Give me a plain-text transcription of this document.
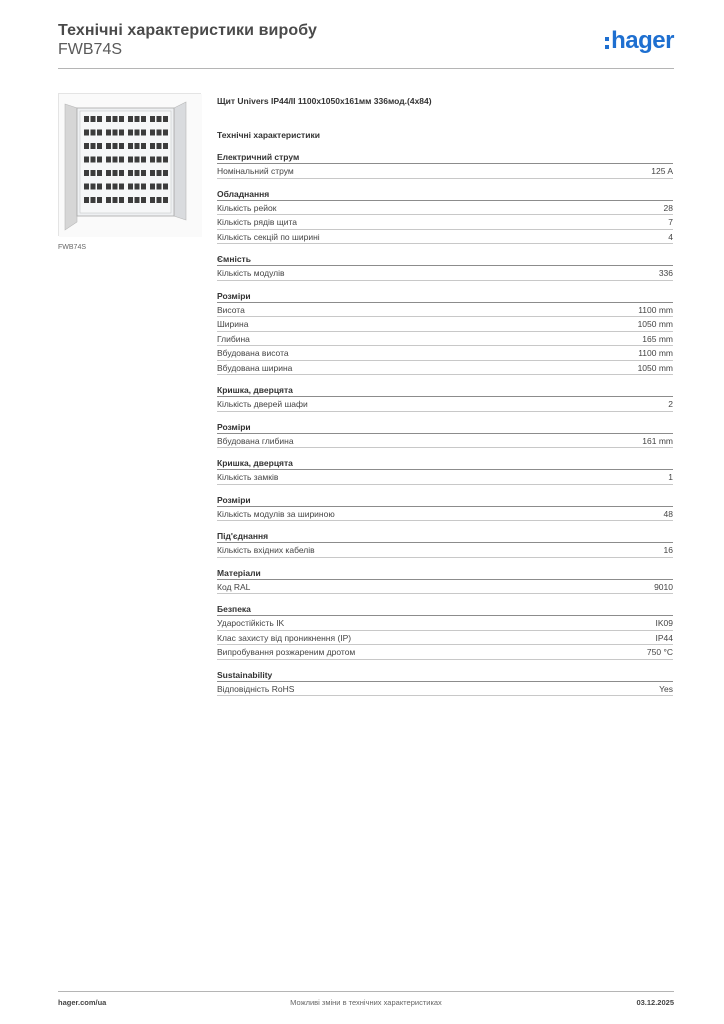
Технічні характеристики виробу
FWB74S	hager
FWB74S
Щит Univers IP44/II 1100x1050x161мм 336мод.(4x84)
Технічні характеристики
Електричний струм
Номінальний струм	125 A
Обладнання
Кількість рейок	28
Кількість рядів щита	7
Кількість секцій по ширині	4
Ємність
Кількість модулів	336
Розміри
Висота	1100 mm
Ширина	1050 mm
Глибина	165 mm
Вбудована висота	1100 mm
Вбудована ширина	1050 mm
Кришка, дверцята
Кількість дверей шафи	2
Розміри
Вбудована глибина	161 mm
Кришка, дверцята
Кількість замків	1
Розміри
Кількість модулів за шириною	48
Під'єднання
Кількість вхідних кабелів	16
Матеріали
Код RAL	9010
Безпека
Ударостійкість IK	IK09
Клас захисту від проникнення (IP)	IP44
Випробування розжареним дротом	750 °C
Sustainability
Відповідність RoHS	Yes
hager.com/ua	Можливі зміни в технічних характеристиках	03.12.2025
